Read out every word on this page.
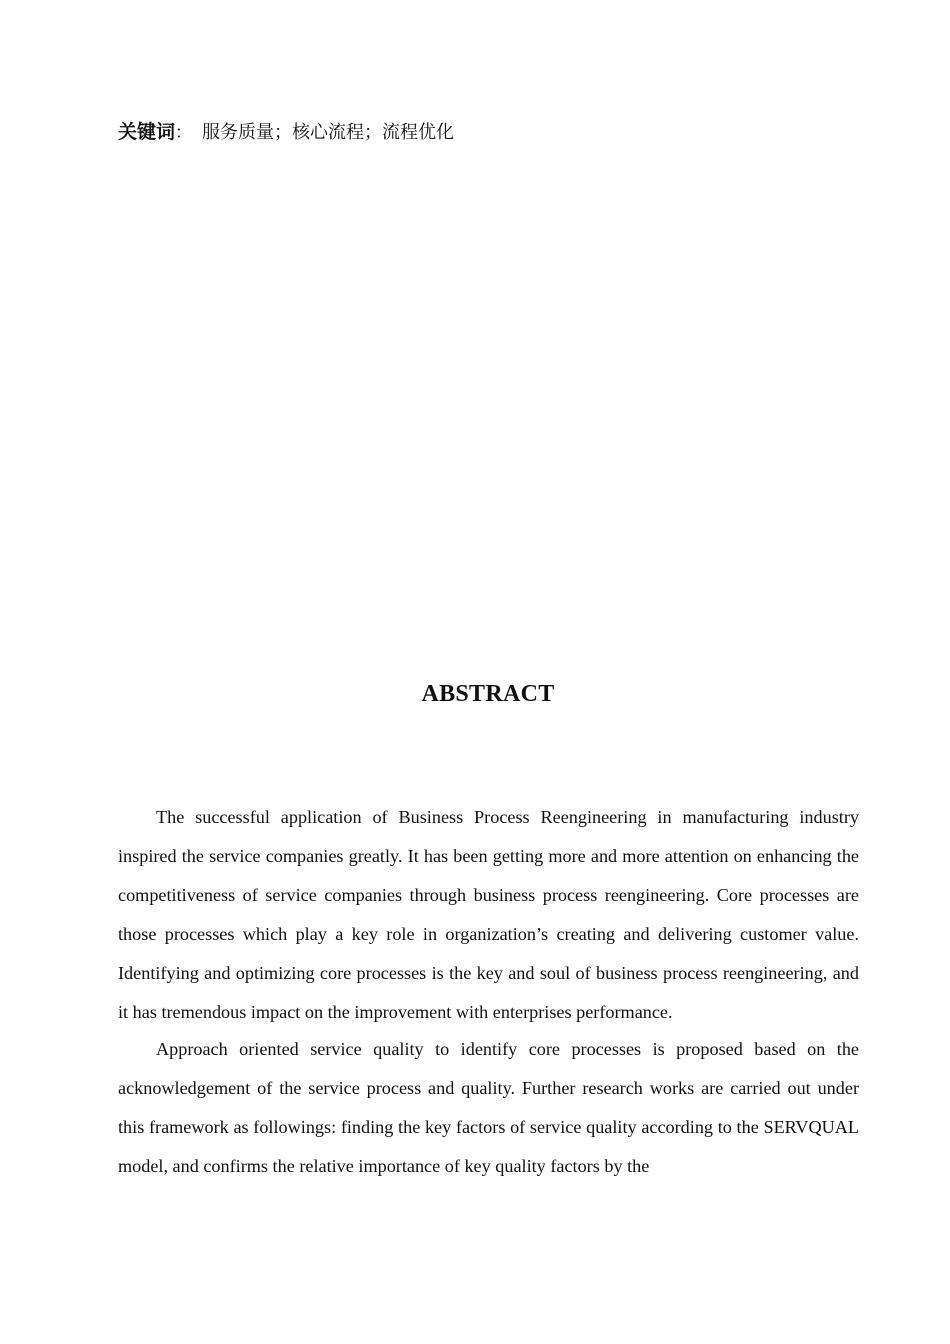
关键词： 服务质量；核心流程；流程优化
ABSTRACT

The successful application of Business Process Reengineering in manufacturing industry inspired the service companies greatly. It has been getting more and more attention on enhancing the competitiveness of service companies through business process reengineering. Core processes are those processes which play a key role in organization’s creating and delivering customer value. Identifying and optimizing core processes is the key and soul of business process reengineering, and it has tremendous impact on the improvement with enterprises performance.

Approach oriented service quality to identify core processes is proposed based on the acknowledgement of the service process and quality. Further research works are carried out under this framework as followings: finding the key factors of service quality according to the SERVQUAL model, and confirms the relative importance of key quality factors by the
